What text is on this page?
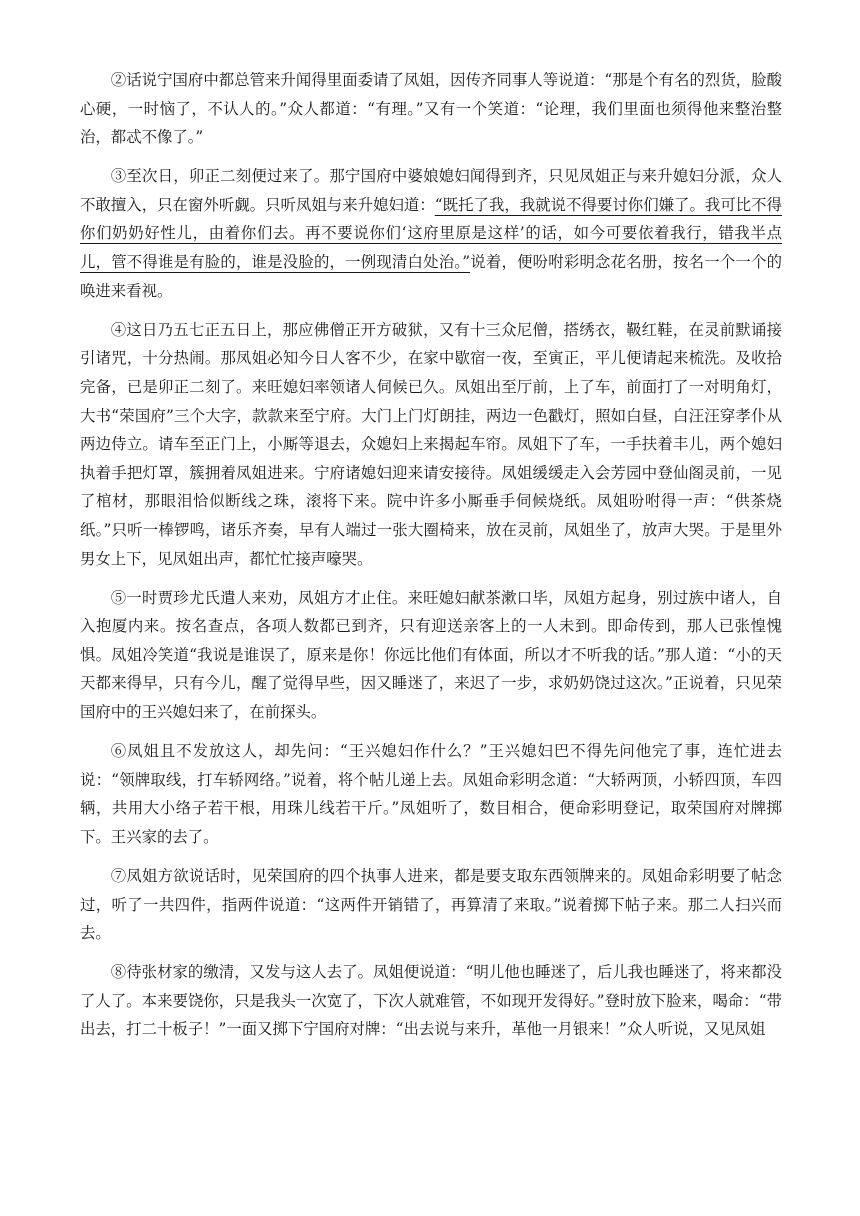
②话说宁国府中都总管来升闻得里面委请了凤姐，因传齐同事人等说道：“那是个有名的烈货，脸酸心硬，一时恼了，不认人的。”众人都道：“有理。”又有一个笑道：“论理，我们里面也须得他来整治整治，都忒不像了。”

③至次日，卯正二刻便过来了。那宁国府中婆娘媳妇闻得到齐，只见凤姐正与来升媳妇分派，众人不敢擅入，只在窗外听觑。只听凤姐与来升媳妇道：“既托了我，我就说不得要讨你们嫌了。我可比不得你们奶奶好性儿，由着你们去。再不要说你们‘这府里原是这样’的话，如今可要依着我行，错我半点儿，管不得谁是有脸的，谁是没脸的，一例现清白处治。”说着，便吩咐彩明念花名册，按名一个一个的唤进来看视。

④这日乃五七正五日上，那应佛僧正开方破狱，又有十三众尼僧，搭绣衣，靸红鞋，在灵前默诵接引诸咒，十分热闹。那凤姐必知今日人客不少，在家中歇宿一夜，至寅正，平儿便请起来梳洗。及收拾完备，已是卯正二刻了。来旺媳妇率领诸人伺候已久。凤姐出至厅前，上了车，前面打了一对明角灯，大书“荣国府”三个大字，款款来至宁府。大门上门灯朗挂，两边一色戳灯，照如白昼，白汪汪穿孝仆从两边侍立。请车至正门上，小厮等退去，众媳妇上来揭起车帘。凤姐下了车，一手扶着丰儿，两个媳妇执着手把灯罩，簇拥着凤姐进来。宁府诸媳妇迎来请安接待。凤姐缓缓走入会芳园中登仙阁灵前，一见了棺材，那眼泪恰似断线之珠，滚将下来。院中许多小厮垂手伺候烧纸。凤姐吩咐得一声：“供茶烧纸。”只听一棒锣鸣，诸乐齐奏，早有人端过一张大圈椅来，放在灵前，凤姐坐了，放声大哭。于是里外男女上下，见凤姐出声，都忙忙接声嚎哭。

⑤一时贾珍尤氏遣人来劝，凤姐方才止住。来旺媳妇献茶漱口毕，凤姐方起身，别过族中诸人，自入抱厦内来。按名查点，各项人数都已到齐，只有迎送亲客上的一人未到。即命传到，那人已张惶愧惧。凤姐冷笑道“我说是谁误了，原来是你！你远比他们有体面，所以才不听我的话。”那人道：“小的天天都来得早，只有今儿，醒了觉得早些，因又睡迷了，来迟了一步，求奶奶饶过这次。”正说着，只见荣国府中的王兴媳妇来了，在前探头。

⑥凤姐且不发放这人，却先问：“王兴媳妇作什么？”王兴媳妇巴不得先问他完了事，连忙进去说：“领牌取线，打车轿网络。”说着，将个帖儿递上去。凤姐命彩明念道：“大轿两顶，小轿四顶，车四辆，共用大小络子若干根，用珠儿线若干斤。”凤姐听了，数目相合，便命彩明登记，取荣国府对牌掷下。王兴家的去了。

⑦凤姐方欲说话时，见荣国府的四个执事人进来，都是要支取东西领牌来的。凤姐命彩明要了帖念过，听了一共四件，指两件说道：“这两件开销错了，再算清了来取。”说着掷下帖子来。那二人扫兴而去。

⑧待张材家的缴清，又发与这人去了。凤姐便说道：“明儿他也睡迷了，后儿我也睡迷了，将来都没了人了。本来要饶你，只是我头一次宽了，下次人就难管，不如现开发得好。”登时放下脸来，喝命：“带出去，打二十板子！”一面又掷下宁国府对牌：“出去说与来升，革他一月银来！”众人听说，又见凤姐
